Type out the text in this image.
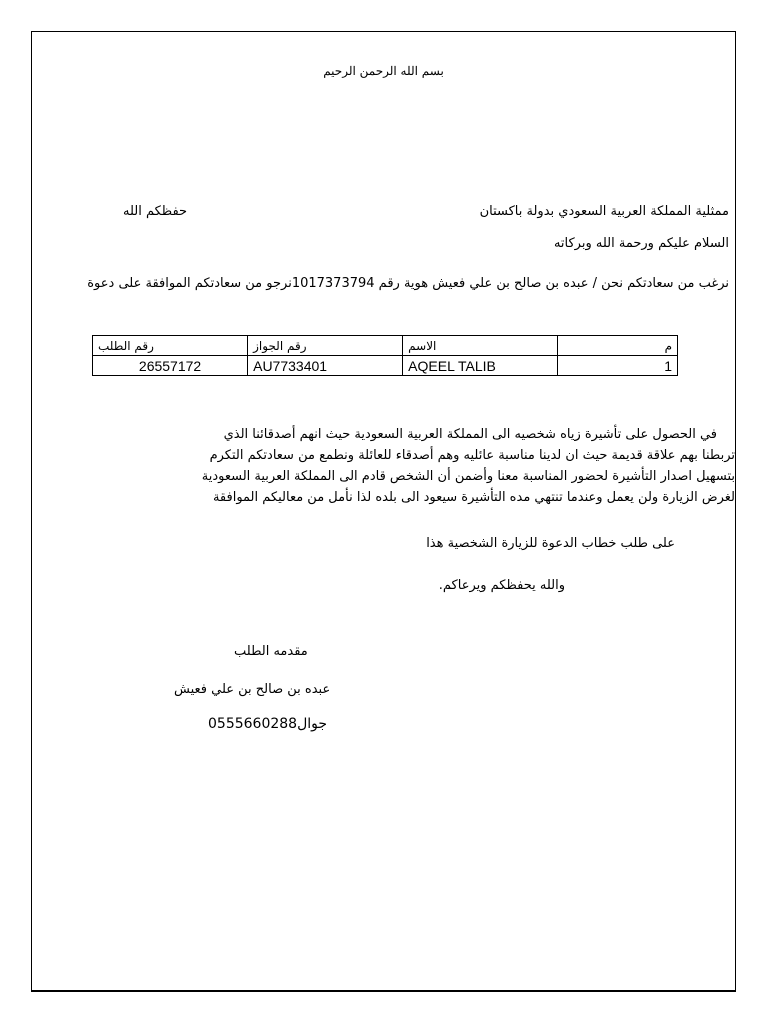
بسم الله الرحمن الرحيم
ممثلية المملكة العربية السعودي بدولة باكستان
حفظكم الله
السلام عليكم ورحمة الله وبركاته
نرغب من سعادتكم نحن / عبده بن صالح بن علي فعيش هوية رقم 1017373794نرجو من سعادتكم الموافقة على دعوة
م	الاسم	رقم الجواز	رقم الطلب
1	AQEEL TALIB	AU7733401	26557172
في الحصول على تأشيرة زياه شخصيه الى المملكة العربية السعودية حيث انهم أصدقائنا الذي
تربطنا بهم علاقة قديمة حيث ان لدينا مناسبة عائليه وهم أصدقاء للعائلة ونطمع من سعادتكم التكرم
بتسهيل اصدار التأشيرة لحضور المناسبة معنا وأضمن أن الشخص قادم الى المملكة العربية السعودية
لغرض الزيارة ولن يعمل وعندما تنتهي مده التأشيرة سيعود الى بلده لذا نأمل من معاليكم الموافقة
على طلب خطاب الدعوة للزيارة الشخصية هذا
والله يحفظكم ويرعاكم.
مقدمه الطلب
عبده بن صالح بن علي فعيش
جوال0555660288
